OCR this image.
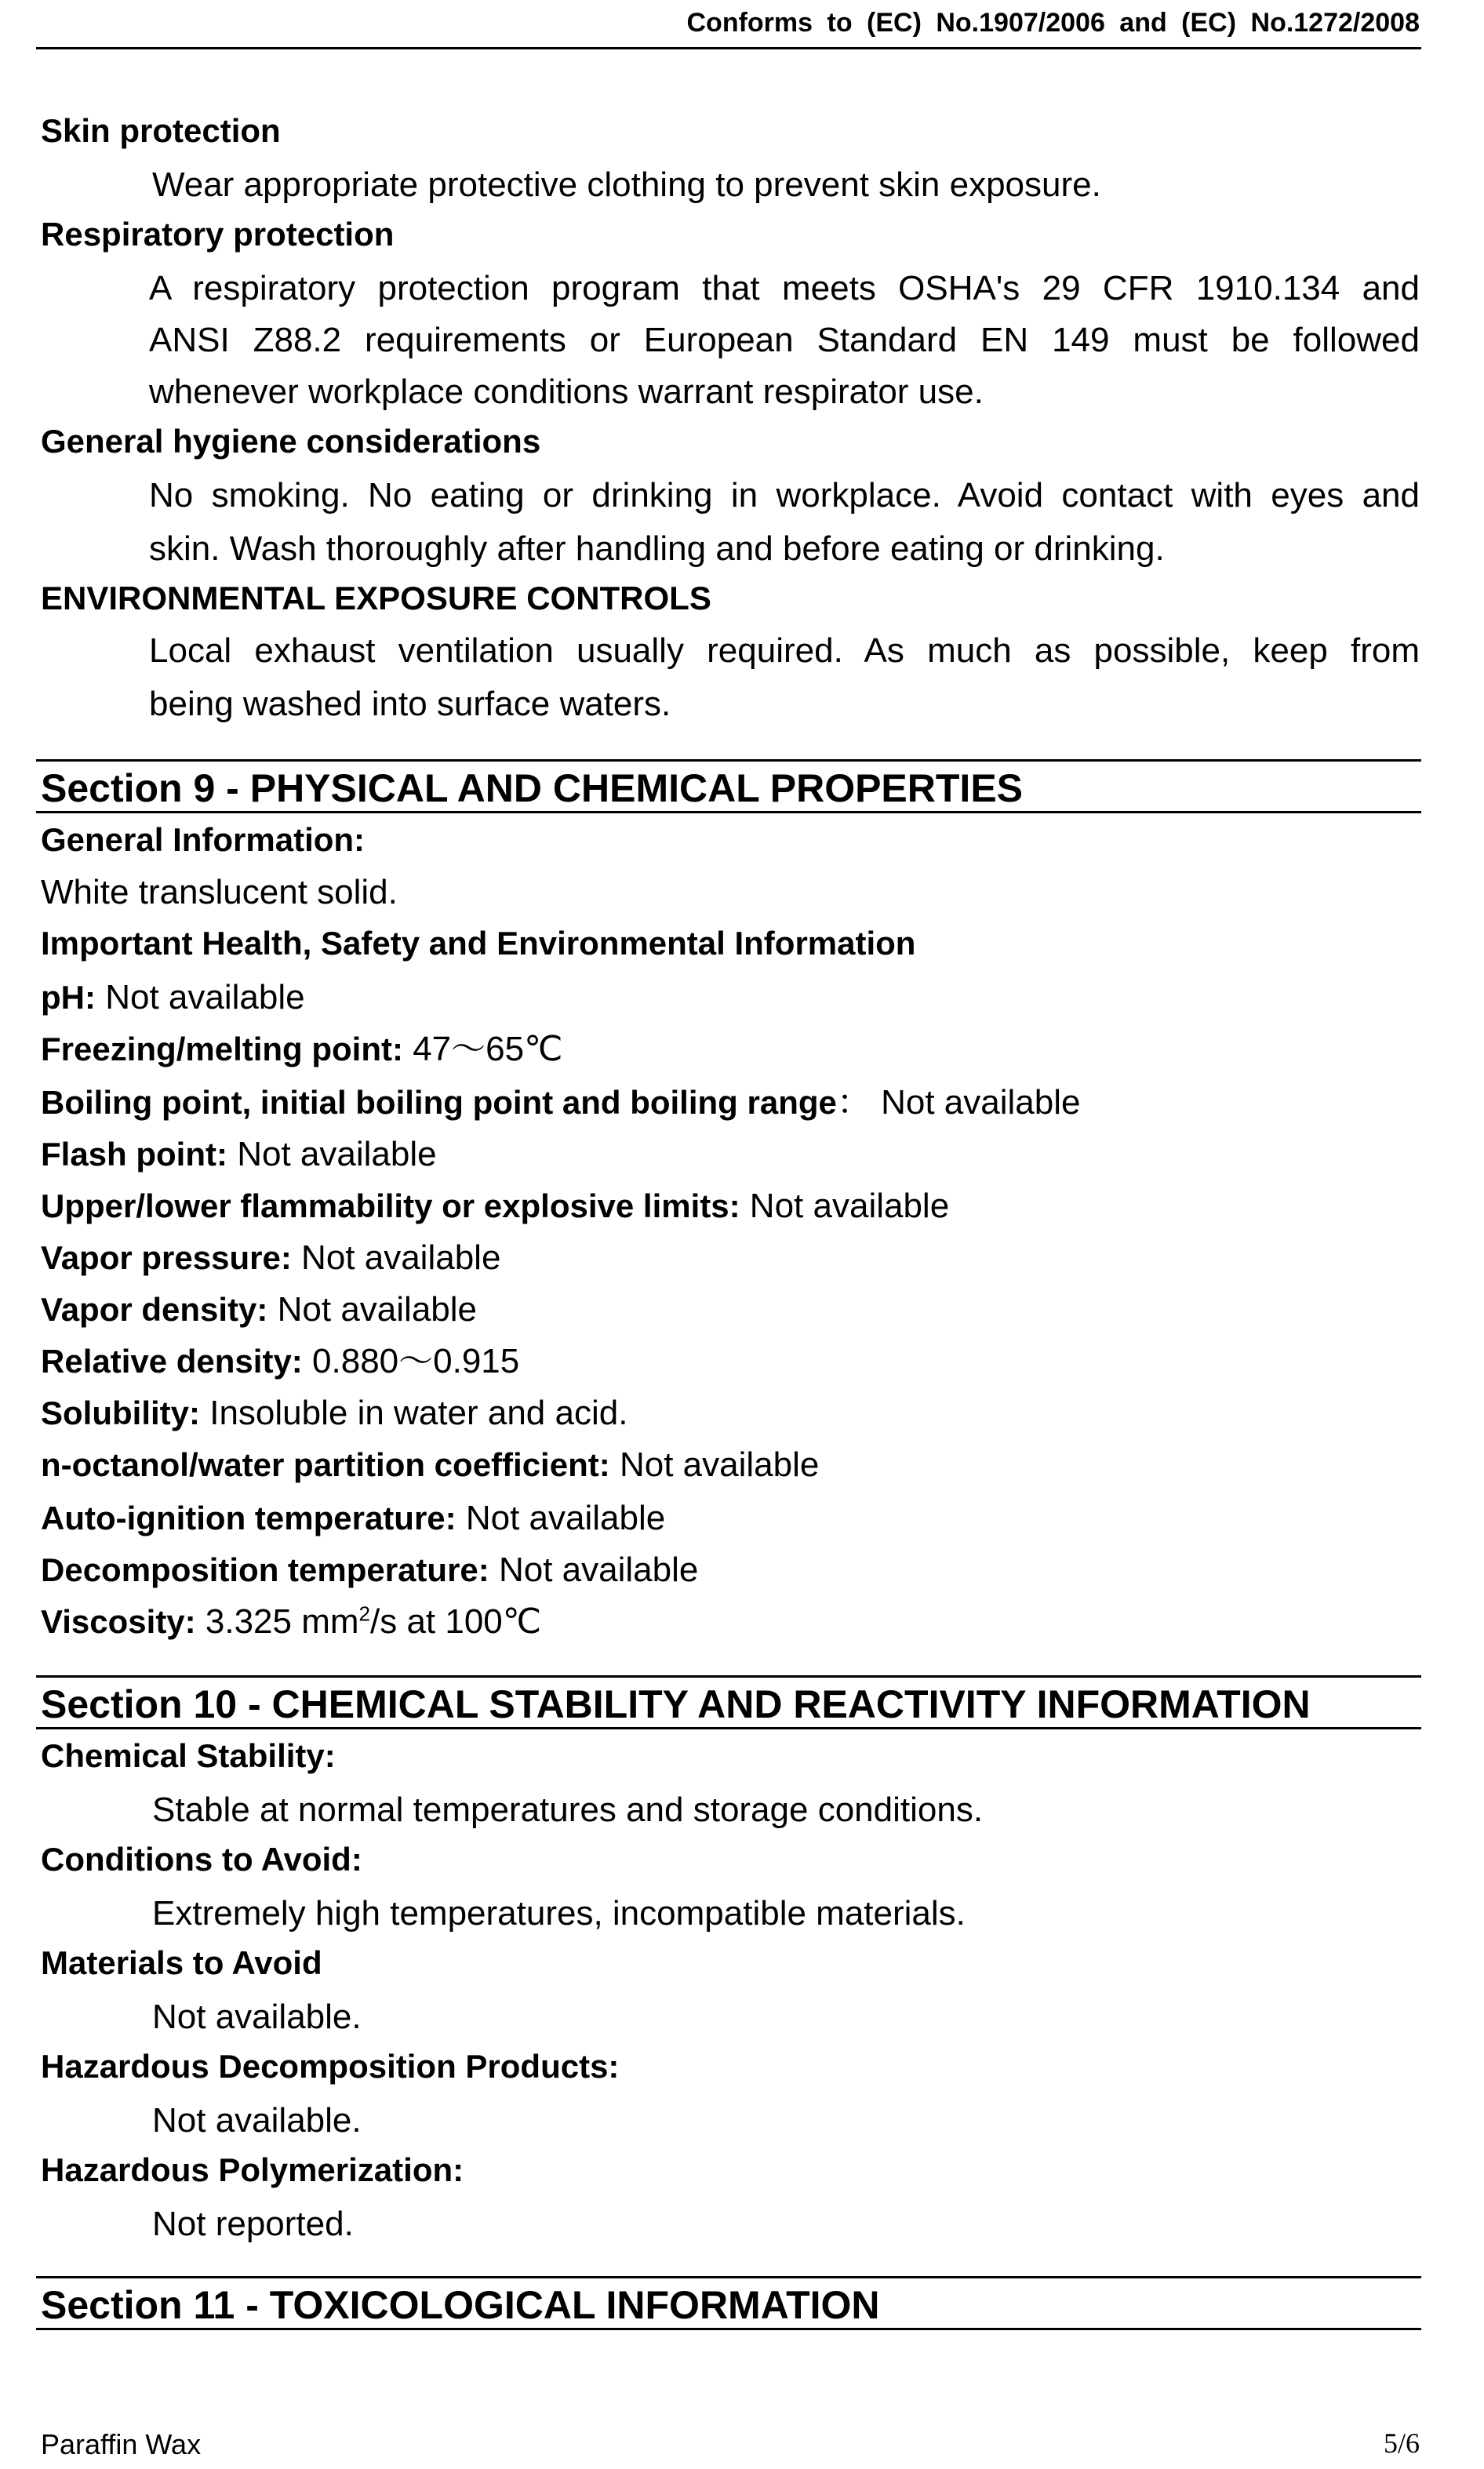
Conforms to (EC) No.1907/2006 and (EC) No.1272/2008
Skin protection
Wear appropriate protective clothing to prevent skin exposure.
Respiratory protection
A respiratory protection program that meets OSHA's 29 CFR 1910.134 and
ANSI Z88.2 requirements or European Standard EN 149 must be followed
whenever workplace conditions warrant respirator use.
General hygiene considerations
No smoking. No eating or drinking in workplace. Avoid contact with eyes and
skin. Wash thoroughly after handling and before eating or drinking.
ENVIRONMENTAL EXPOSURE CONTROLS
Local exhaust ventilation usually required. As much as possible, keep from
being washed into surface waters.
Section 9 - PHYSICAL AND CHEMICAL PROPERTIES
General Information:
White translucent solid.
Important Health, Safety and Environmental Information
pH: Not available
Freezing/melting point: 47～65℃
Boiling point, initial boiling point and boiling range： Not available
Flash point: Not available
Upper/lower flammability or explosive limits: Not available
Vapor pressure: Not available
Vapor density: Not available
Relative density: 0.880～0.915
Solubility: Insoluble in water and acid.
n-octanol/water partition coefficient: Not available
Auto-ignition temperature: Not available
Decomposition temperature: Not available
Viscosity: 3.325 $mm^2/s$ at 100℃
Section 10 - CHEMICAL STABILITY AND REACTIVITY INFORMATION
Chemical Stability:
Stable at normal temperatures and storage conditions.
Conditions to Avoid:
Extremely high temperatures, incompatible materials.
Materials to Avoid
Not available.
Hazardous Decomposition Products:
Not available.
Hazardous Polymerization:
Not reported.
Section 11 - TOXICOLOGICAL INFORMATION
Paraffin Wax	5/6
